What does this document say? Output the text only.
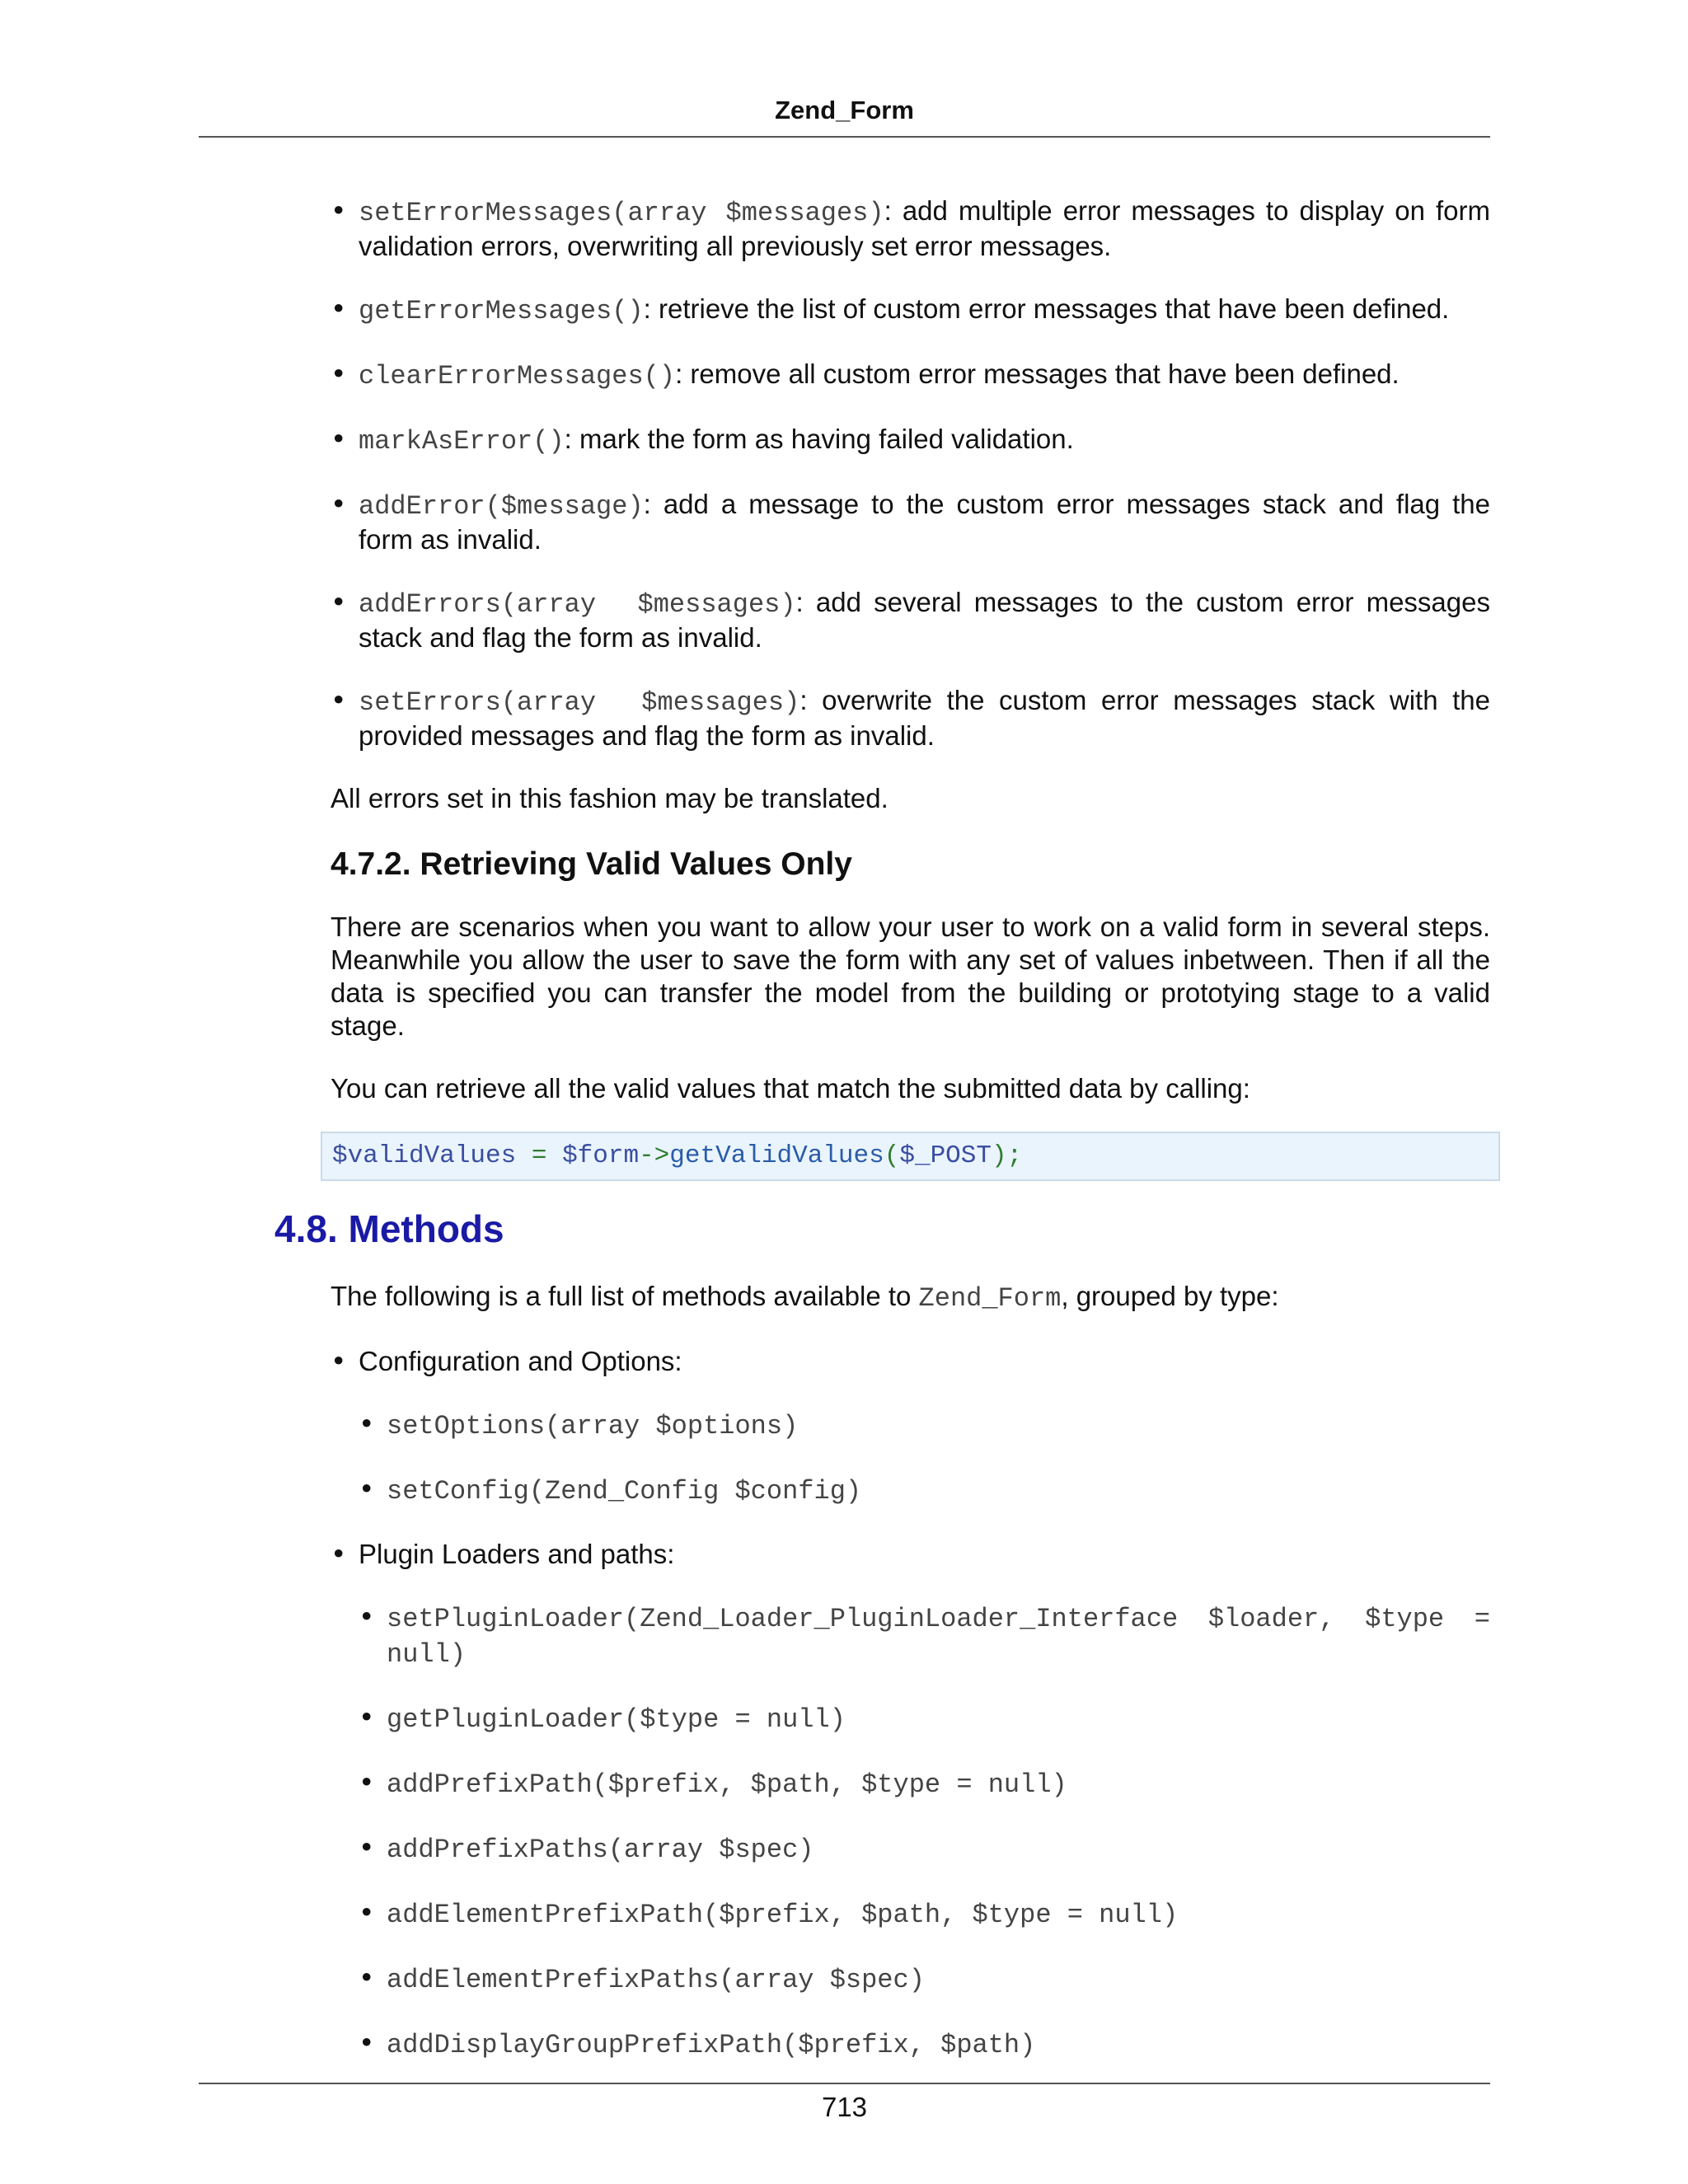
Zend_Form
• setErrorMessages(array $messages): add multiple error messages to display on form validation errors, overwriting all previously set error messages.
• getErrorMessages(): retrieve the list of custom error messages that have been defined.
• clearErrorMessages(): remove all custom error messages that have been defined.
• markAsError(): mark the form as having failed validation.
• addError($message): add a message to the custom error messages stack and flag the form as invalid.
• addErrors(array  $messages): add several messages to the custom error messages stack and flag the form as invalid.
• setErrors(array  $messages): overwrite the custom error messages stack with the provided messages and flag the form as invalid.

All errors set in this fashion may be translated.

4.7.2. Retrieving Valid Values Only

There are scenarios when you want to allow your user to work on a valid form in several steps. Meanwhile you allow the user to save the form with any set of values inbetween. Then if all the data is specified you can transfer the model from the building or prototying stage to a valid stage.

You can retrieve all the valid values that match the submitted data by calling:

$validValues = $form->getValidValues($_POST);
4.8. Methods

The following is a full list of methods available to Zend_Form, grouped by type:

• Configuration and Options:
• setOptions(array $options)
• setConfig(Zend_Config $config)
• Plugin Loaders and paths:
• setPluginLoader(Zend_Loader_PluginLoader_Interface $loader, $type = null)
• getPluginLoader($type = null)
• addPrefixPath($prefix, $path, $type = null)
• addPrefixPaths(array $spec)
• addElementPrefixPath($prefix, $path, $type = null)
• addElementPrefixPaths(array $spec)
• addDisplayGroupPrefixPath($prefix, $path)
713
